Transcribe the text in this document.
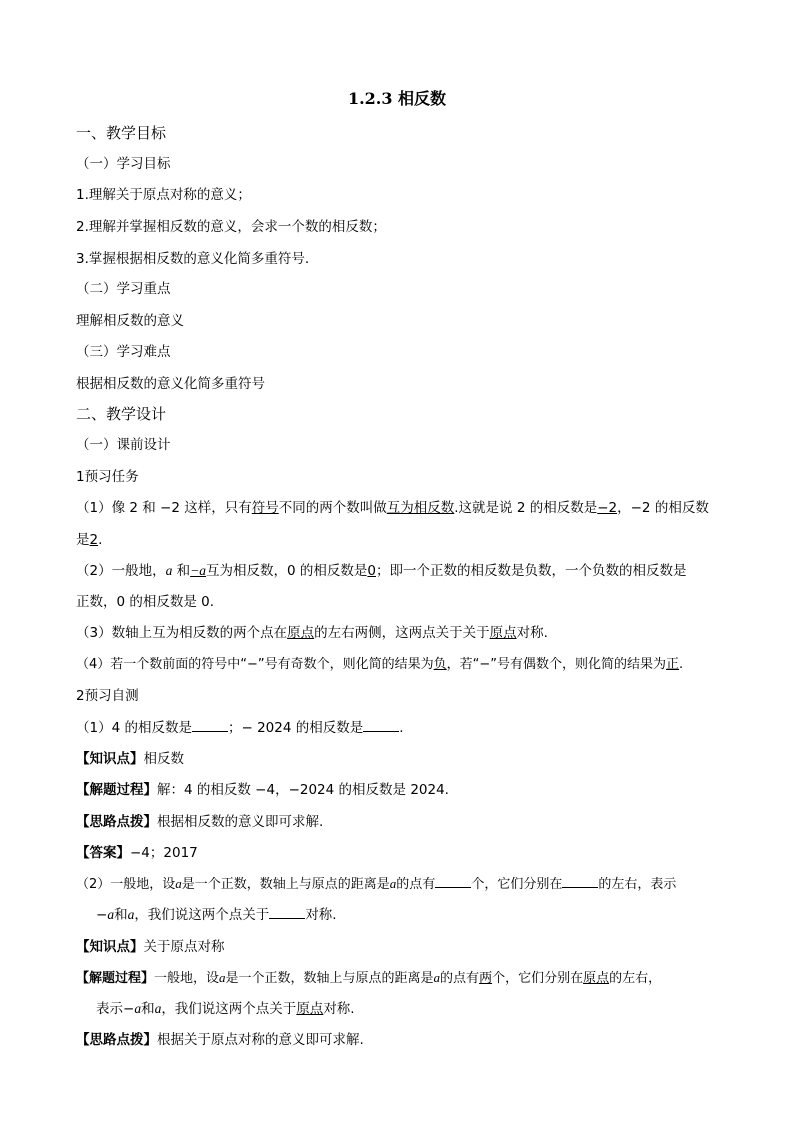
1.2.3 相反数
一、教学目标
（一）学习目标
1.理解关于原点对称的意义；
2.理解并掌握相反数的意义，会求一个数的相反数；
3.掌握根据相反数的意义化简多重符号.
（二）学习重点
理解相反数的意义
（三）学习难点
根据相反数的意义化简多重符号
二、教学设计
（一）课前设计
1预习任务
（1）像 2 和 −2 这样，只有符号不同的两个数叫做互为相反数.这就是说 2 的相反数是−2，−2 的相反数
是2.
（2）一般地，a 和−a互为相反数，0 的相反数是0；即一个正数的相反数是负数，一个负数的相反数是
正数，0 的相反数是 0.
（3）数轴上互为相反数的两个点在原点的左右两侧，这两点关于关于原点对称.
（4）若一个数前面的符号中“−”号有奇数个，则化简的结果为负，若“−”号有偶数个，则化简的结果为正.
2预习自测
（1）4 的相反数是	；− 2024 的相反数是	.
【知识点】相反数
【解题过程】解：4 的相反数 −4，−2024 的相反数是 2024.
【思路点拨】根据相反数的意义即可求解.
【答案】−4；2017
（2）一般地，设a是一个正数，数轴上与原点的距离是a的点有	个，它们分别在	的左右，表示
−a和a，我们说这两个点关于	对称.
【知识点】关于原点对称
【解题过程】一般地，设a是一个正数，数轴上与原点的距离是a的点有两个，它们分别在原点的左右，
表示−a和a，我们说这两个点关于原点对称.
【思路点拨】根据关于原点对称的意义即可求解.
